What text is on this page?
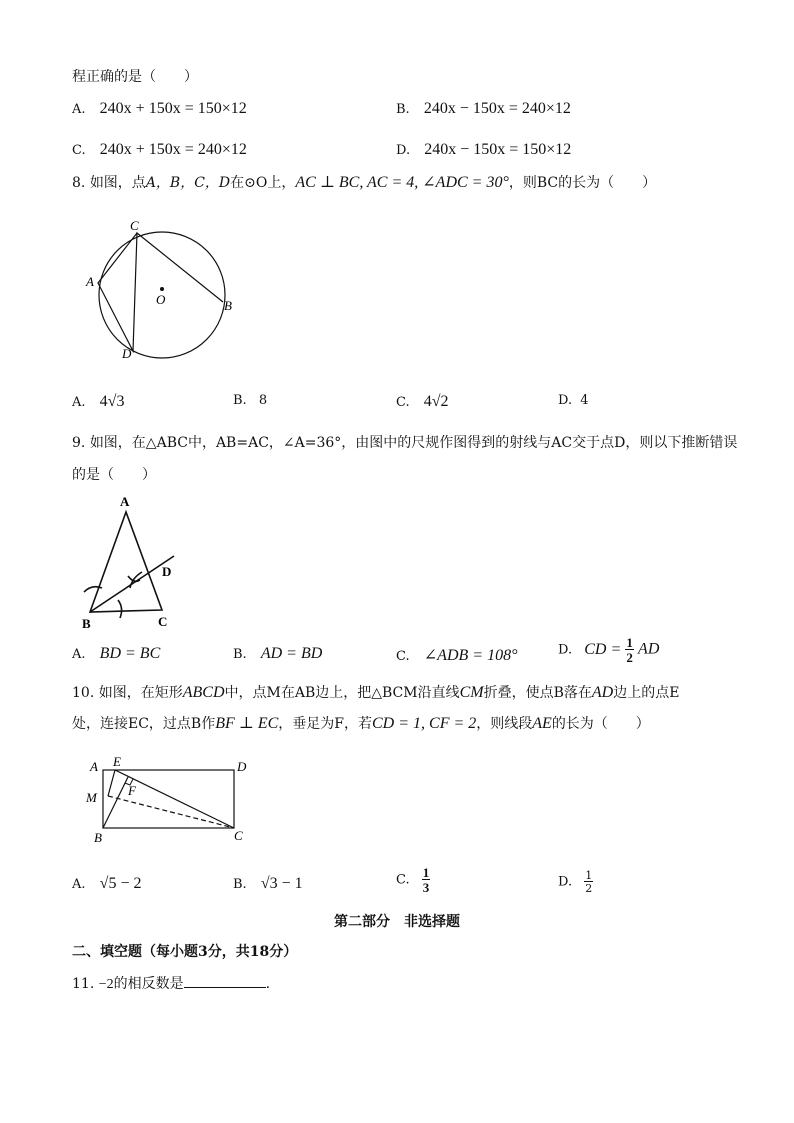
程正确的是（　　）
A. 240x + 150x = 150×12	B. 240x − 150x = 240×12
C. 240x + 150x = 240×12	D. 240x − 150x = 150×12
8. 如图，点A，B，C，D在⊙O上，AC ⊥ BC, AC = 4, ∠ADC = 30°，则BC的长为（　　）
C
A
B
O
D
A. 4√3	B. 8	C. 4√2	D. 4
9. 如图，在△ABC中，AB=AC，∠A=36°，由图中的尺规作图得到的射线与AC交于点D，则以下推断错误
的是（　　）
A
D
B	C
A. BD = BC	B. AD = BD	C. ∠ADB = 108°	D. CD = $\frac{1}{2}$ AD
10. 如图，在矩形ABCD中，点M在AB边上，把△BCM沿直线CM折叠，使点B落在AD边上的点E
处，连接EC，过点B作BF ⊥ EC，垂足为F，若CD = 1, CF = 2，则线段AE的长为（　　）
A E	D
M F
B	C
A. √5 − 2	B. √3 − 1	C. $\frac{1}{3}$	D. $\frac{1}{2}$
第二部分　非选择题
二、填空题（每小题3分，共18分）
11. −2的相反数是	.
